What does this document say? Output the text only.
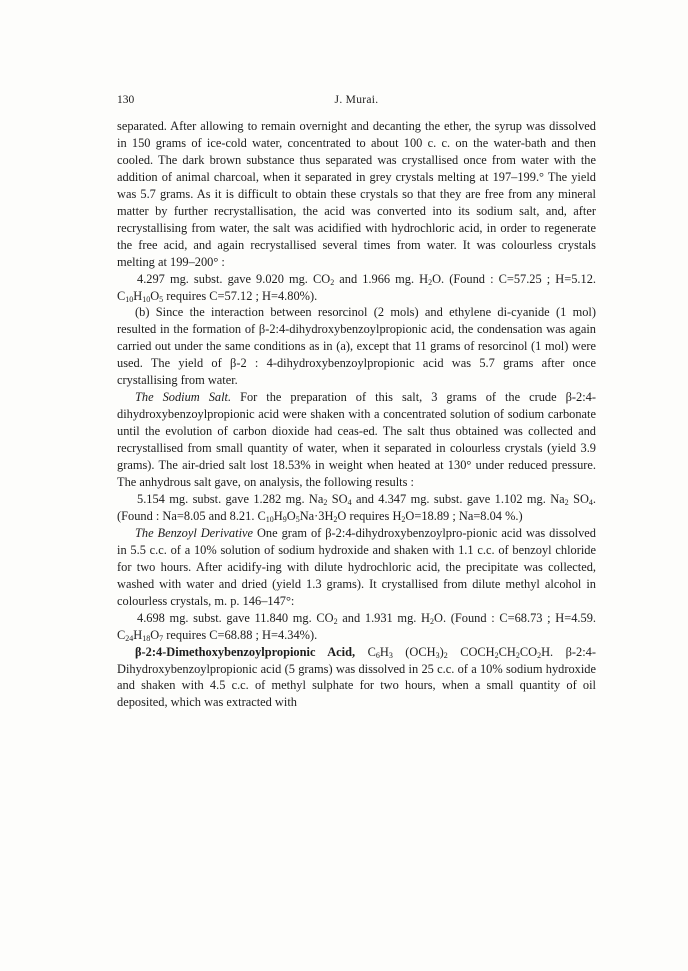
130	J. Murai.

separated. After allowing to remain overnight and decanting the ether, the syrup was dissolved in 150 grams of ice-cold water, concentrated to about 100 c. c. on the water-bath and then cooled. The dark brown substance thus separated was crystallised once from water with the addition of animal charcoal, when it separated in grey crystals melting at 197–199.° The yield was 5.7 grams. As it is difficult to obtain these crystals so that they are free from any mineral matter by further recrystallisation, the acid was converted into its sodium salt, and, after recrystallising from water, the salt was acidified with hydrochloric acid, in order to regenerate the free acid, and again recrystallised several times from water. It was colourless crystals melting at 199–200° :

4.297 mg. subst. gave 9.020 mg. $CO_2$ and 1.966 mg. $H_2O$. (Found : C=57.25 ; H=5.12. $C_{10}H_{10}O_5$ requires C=57.12 ; H=4.80%).

(b) Since the interaction between resorcinol (2 mols) and ethylene di-cyanide (1 mol) resulted in the formation of β-2:4-dihydroxybenzoylpropionic acid, the condensation was again carried out under the same conditions as in (a), except that 11 grams of resorcinol (1 mol) were used. The yield of β-2 : 4-dihydroxybenzoylpropionic acid was 5.7 grams after once crystallising from water.

The Sodium Salt. For the preparation of this salt, 3 grams of the crude β-2:4-dihydroxybenzoylpropionic acid were shaken with a concentrated solution of sodium carbonate until the evolution of carbon dioxide had ceas-ed. The salt thus obtained was collected and recrystallised from small quantity of water, when it separated in colourless crystals (yield 3.9 grams). The air-dried salt lost 18.53% in weight when heated at 130° under reduced pressure. The anhydrous salt gave, on analysis, the following results :

5.154 mg. subst. gave 1.282 mg. $Na_2$ $SO_4$ and 4.347 mg. subst. gave 1.102 mg. $Na_2$ $SO_4$. (Found : Na=8.05 and 8.21. $C_{10}H_9O_5Na\cdot 3H_2O$ requires $H_2O=18.89$ ; Na=8.04 %.)

The Benzoyl Derivative One gram of β-2:4-dihydroxybenzoylpro-pionic acid was dissolved in 5.5 c.c. of a 10% solution of sodium hydroxide and shaken with 1.1 c.c. of benzoyl chloride for two hours. After acidify-ing with dilute hydrochloric acid, the precipitate was collected, washed with water and dried (yield 1.3 grams). It crystallised from dilute methyl alcohol in colourless crystals, m. p. 146–147°:

4.698 mg. subst. gave 11.840 mg. $CO_2$ and 1.931 mg. $H_2O$. (Found : C=68.73 ; H=4.59. $C_{24}H_{18}O_7$ requires C=68.88 ; H=4.34%).

β-2:4-Dimethoxybenzoylpropionic Acid, $C_6H_3$ $(OCH_3)_2$ $COCH_2CH_2CO_2H$. β-2:4-Dihydroxybenzoylpropionic acid (5 grams) was dissolved in 25 c.c. of a 10% sodium hydroxide and shaken with 4.5 c.c. of methyl sulphate for two hours, when a small quantity of oil deposited, which was extracted with
